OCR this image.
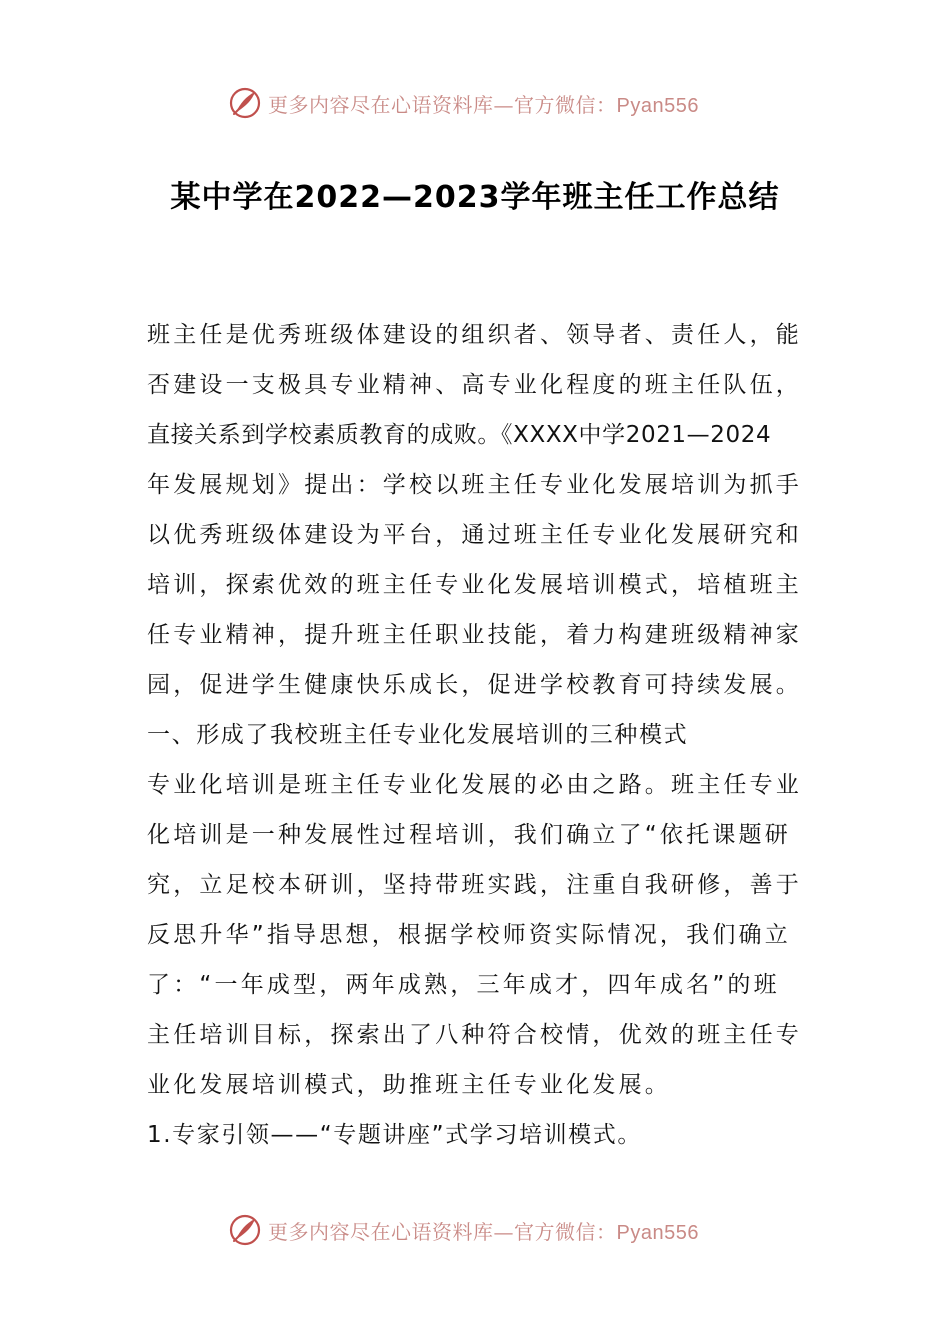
更多内容尽在心语资料库—官方微信：Pyan556
某中学在2022—2023学年班主任工作总结
班主任是优秀班级体建设的组织者、领导者、责任人，能
否建设一支极具专业精神、高专业化程度的班主任队伍，
直接关系到学校素质教育的成败。《XXXX中学2021—2024
年发展规划》提出：学校以班主任专业化发展培训为抓手
以优秀班级体建设为平台，通过班主任专业化发展研究和
培训，探索优效的班主任专业化发展培训模式，培植班主
任专业精神，提升班主任职业技能，着力构建班级精神家
园，促进学生健康快乐成长，促进学校教育可持续发展。
一、形成了我校班主任专业化发展培训的三种模式
专业化培训是班主任专业化发展的必由之路。班主任专业
化培训是一种发展性过程培训，我们确立了“依托课题研
究，立足校本研训，坚持带班实践，注重自我研修，善于
反思升华”指导思想，根据学校师资实际情况，我们确立
了：“一年成型，两年成熟，三年成才，四年成名”的班
主任培训目标，探索出了八种符合校情，优效的班主任专
业化发展培训模式，助推班主任专业化发展。
1.专家引领——“专题讲座”式学习培训模式。
更多内容尽在心语资料库—官方微信：Pyan556
